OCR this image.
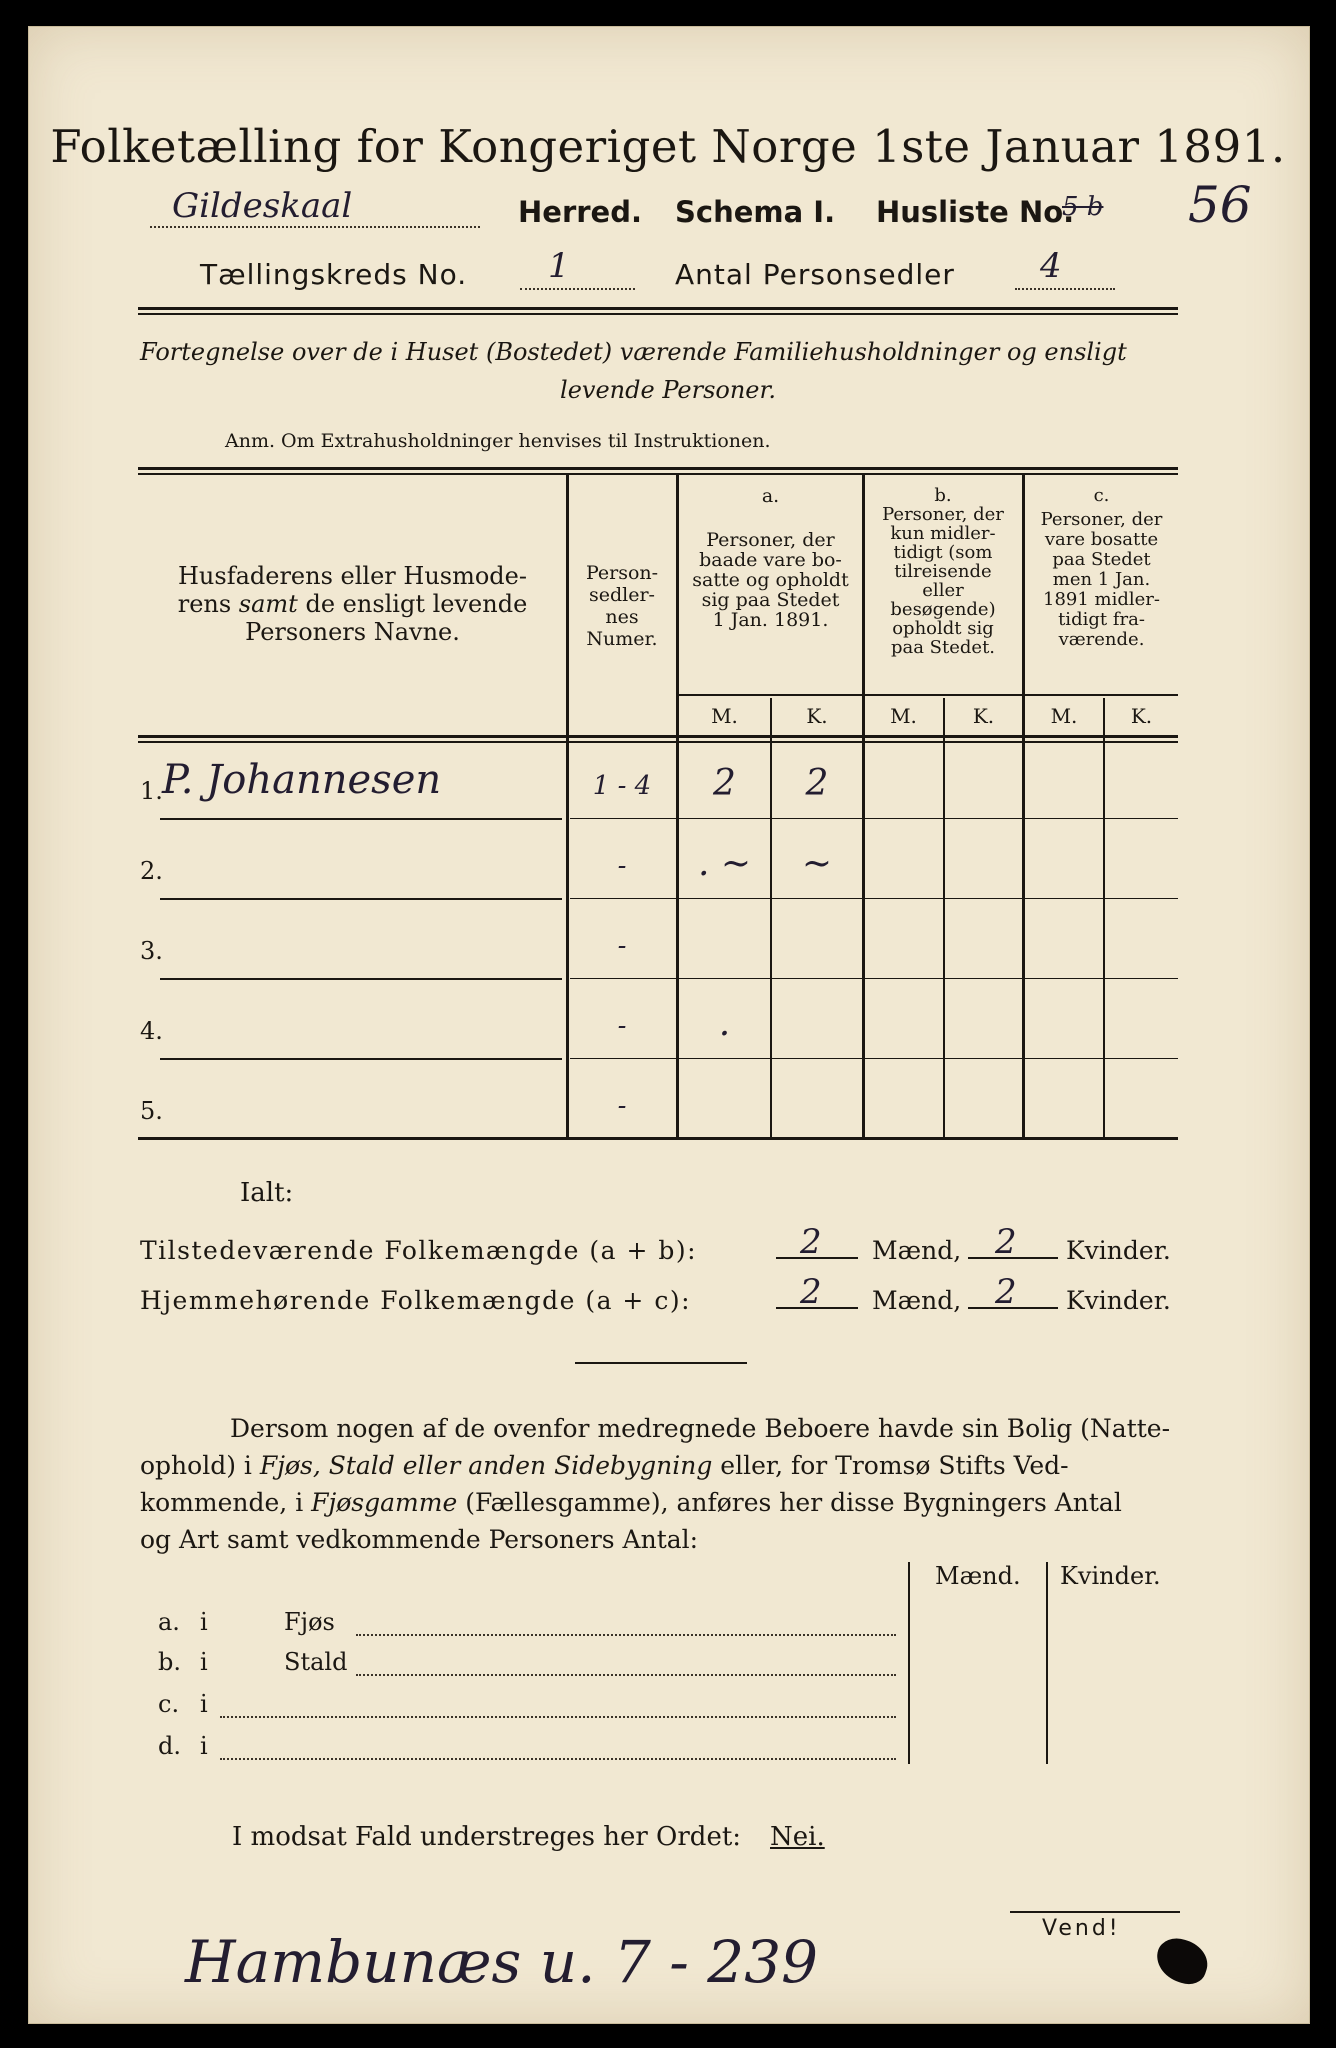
Folketælling for Kongeriget Norge 1ste Januar 1891.
Gildeskaal	Herred. Schema I. Husliste No.
5 b 56
Tællingskreds No. 1	Antal Personsedler	4
Fortegnelse over de i Huset (Bostedet) værende Familiehusholdninger og ensligt
levende Personer.
Anm. Om Extrahusholdninger henvises til Instruktionen.
Husfaderens eller Husmode-
rens samt de ensligt levende
Personers Navne.
Person-
sedler-
nes
Numer.
a.
Personer, der
baade vare bo-
satte og opholdt
sig paa Stedet
1 Jan. 1891.
b.
Personer, der
kun midler-
tidigt (som
tilreisende
eller
besøgende)
opholdt sig
paa Stedet.
c.
Personer, der
vare bosatte
paa Stedet
men 1 Jan.
1891 midler-
tidigt fra-
værende.
M.	K.	M.	K.	M.	K.
1. P. Johannesen	1 - 4	2	2
2.	-	. ~	~
3.	-
4.	-	.
5.	-
Ialt:
Tilstedeværende Folkemængde (a + b):	2 Mænd, 2 Kvinder.
Hjemmehørende Folkemængde (a + c):	2 Mænd, 2 Kvinder.
Dersom nogen af de ovenfor medregnede Beboere havde sin Bolig (Natte-
ophold) i Fjøs, Stald eller anden Sidebygning eller, for Tromsø Stifts Ved-
kommende, i Fjøsgamme (Fællesgamme), anføres her disse Bygningers Antal
og Art samt vedkommende Personers Antal:
Mænd. Kvinder.
a. i	Fjøs
b. i	Stald
c. i
d. i
I modsat Fald understreges her Ordet: Nei.
Hambunæs u. 7 - 239	Vend!
